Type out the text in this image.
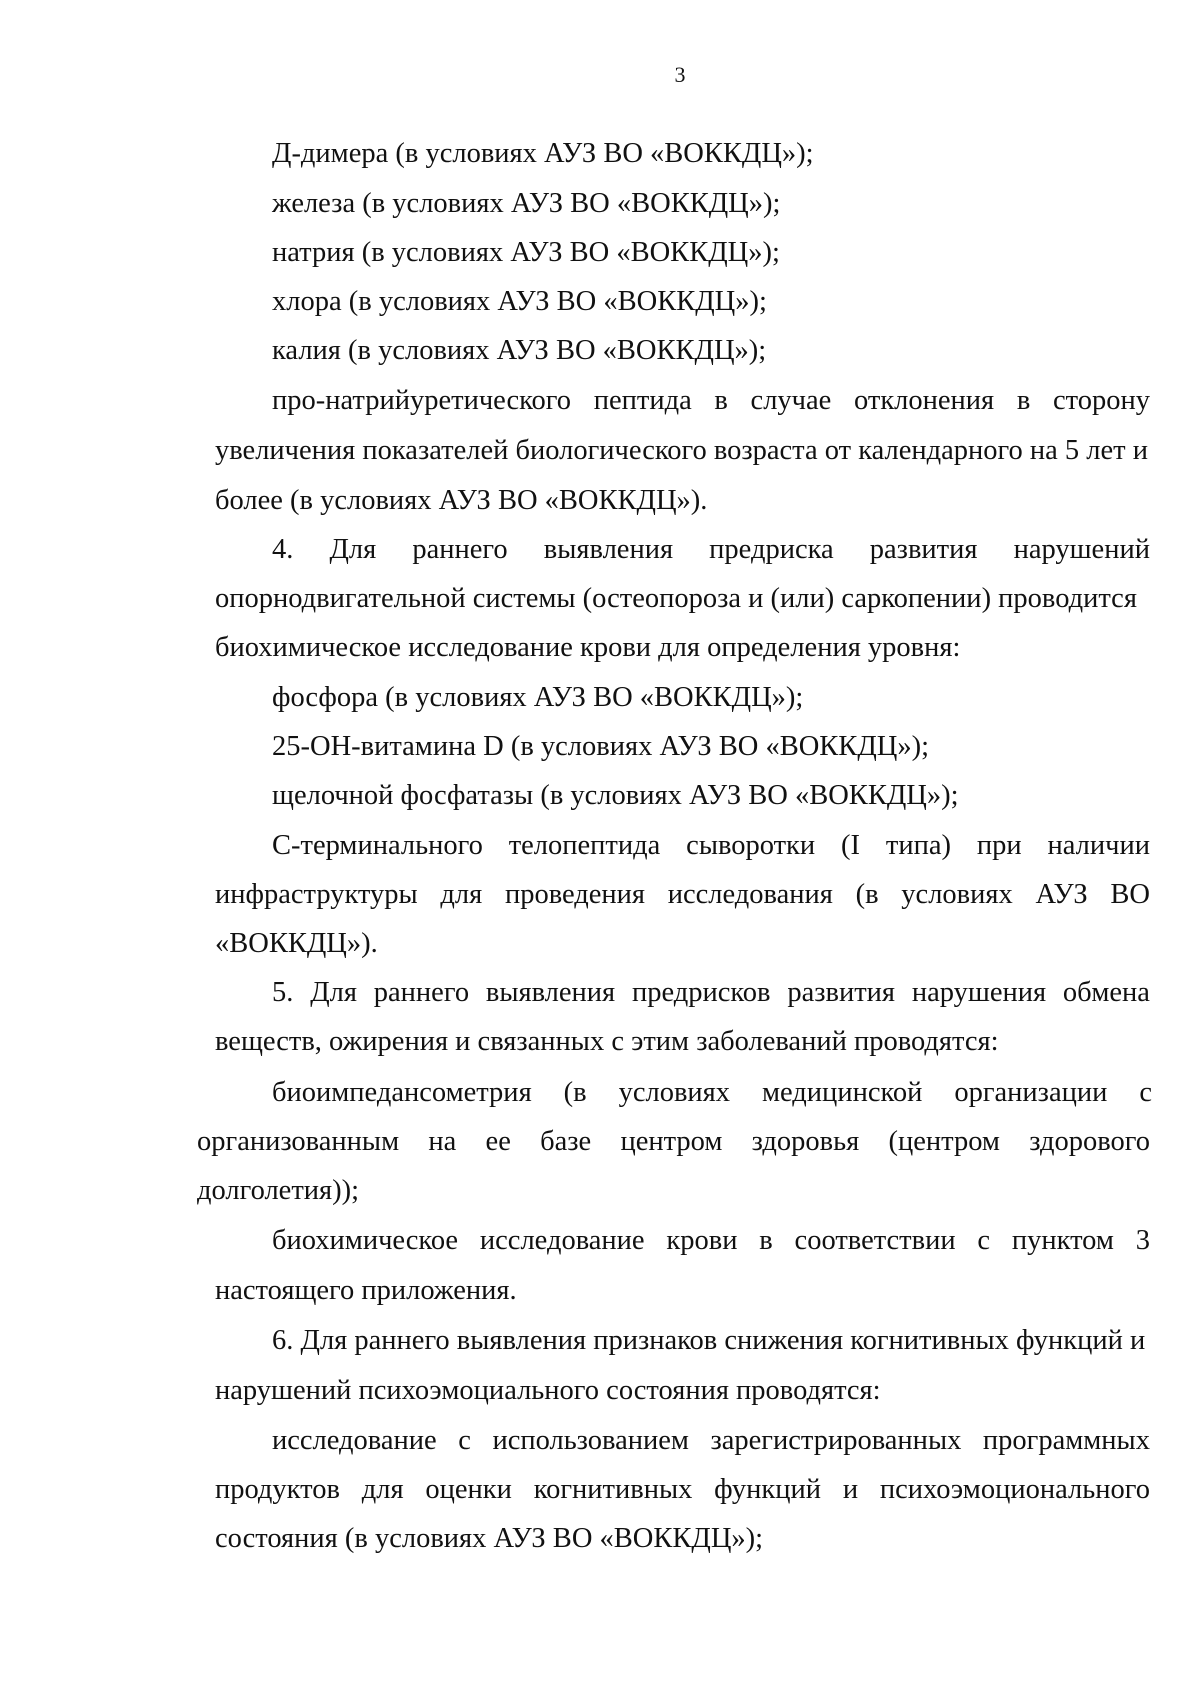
3

Д-димера (в условиях АУЗ ВО «ВОККДЦ»);

железа (в условиях АУЗ ВО «ВОККДЦ»);

натрия (в условиях АУЗ ВО «ВОККДЦ»);

хлора (в условиях АУЗ ВО «ВОККДЦ»);

калия (в условиях АУЗ ВО «ВОККДЦ»);

про-натрийуретического пептида в случае отклонения в сторону

увеличения показателей биологического возраста от календарного на 5 лет и

более (в условиях АУЗ ВО «ВОККДЦ»).

4. Для раннего выявления предриска развития нарушений

опорнодвигательной системы (остеопороза и (или) саркопении) проводится

биохимическое исследование крови для определения уровня:

фосфора (в условиях АУЗ ВО «ВОККДЦ»);

25-ОН-витамина D (в условиях АУЗ ВО «ВОККДЦ»);

щелочной фосфатазы (в условиях АУЗ ВО «ВОККДЦ»);

С-терминального телопептида сыворотки (I типа) при наличии

инфраструктуры для проведения исследования (в условиях АУЗ ВО

«ВОККДЦ»).

5. Для раннего выявления предрисков развития нарушения обмена

веществ, ожирения и связанных с этим заболеваний проводятся:

биоимпедансометрия (в условиях медицинской организации с

организованным на ее базе центром здоровья (центром здорового

долголетия));

биохимическое исследование крови в соответствии с пунктом 3

настоящего приложения.

6. Для раннего выявления признаков снижения когнитивных функций и

нарушений психоэмоциального состояния проводятся:

исследование с использованием зарегистрированных программных

продуктов для оценки когнитивных функций и психоэмоционального

состояния (в условиях АУЗ ВО «ВОККДЦ»);
